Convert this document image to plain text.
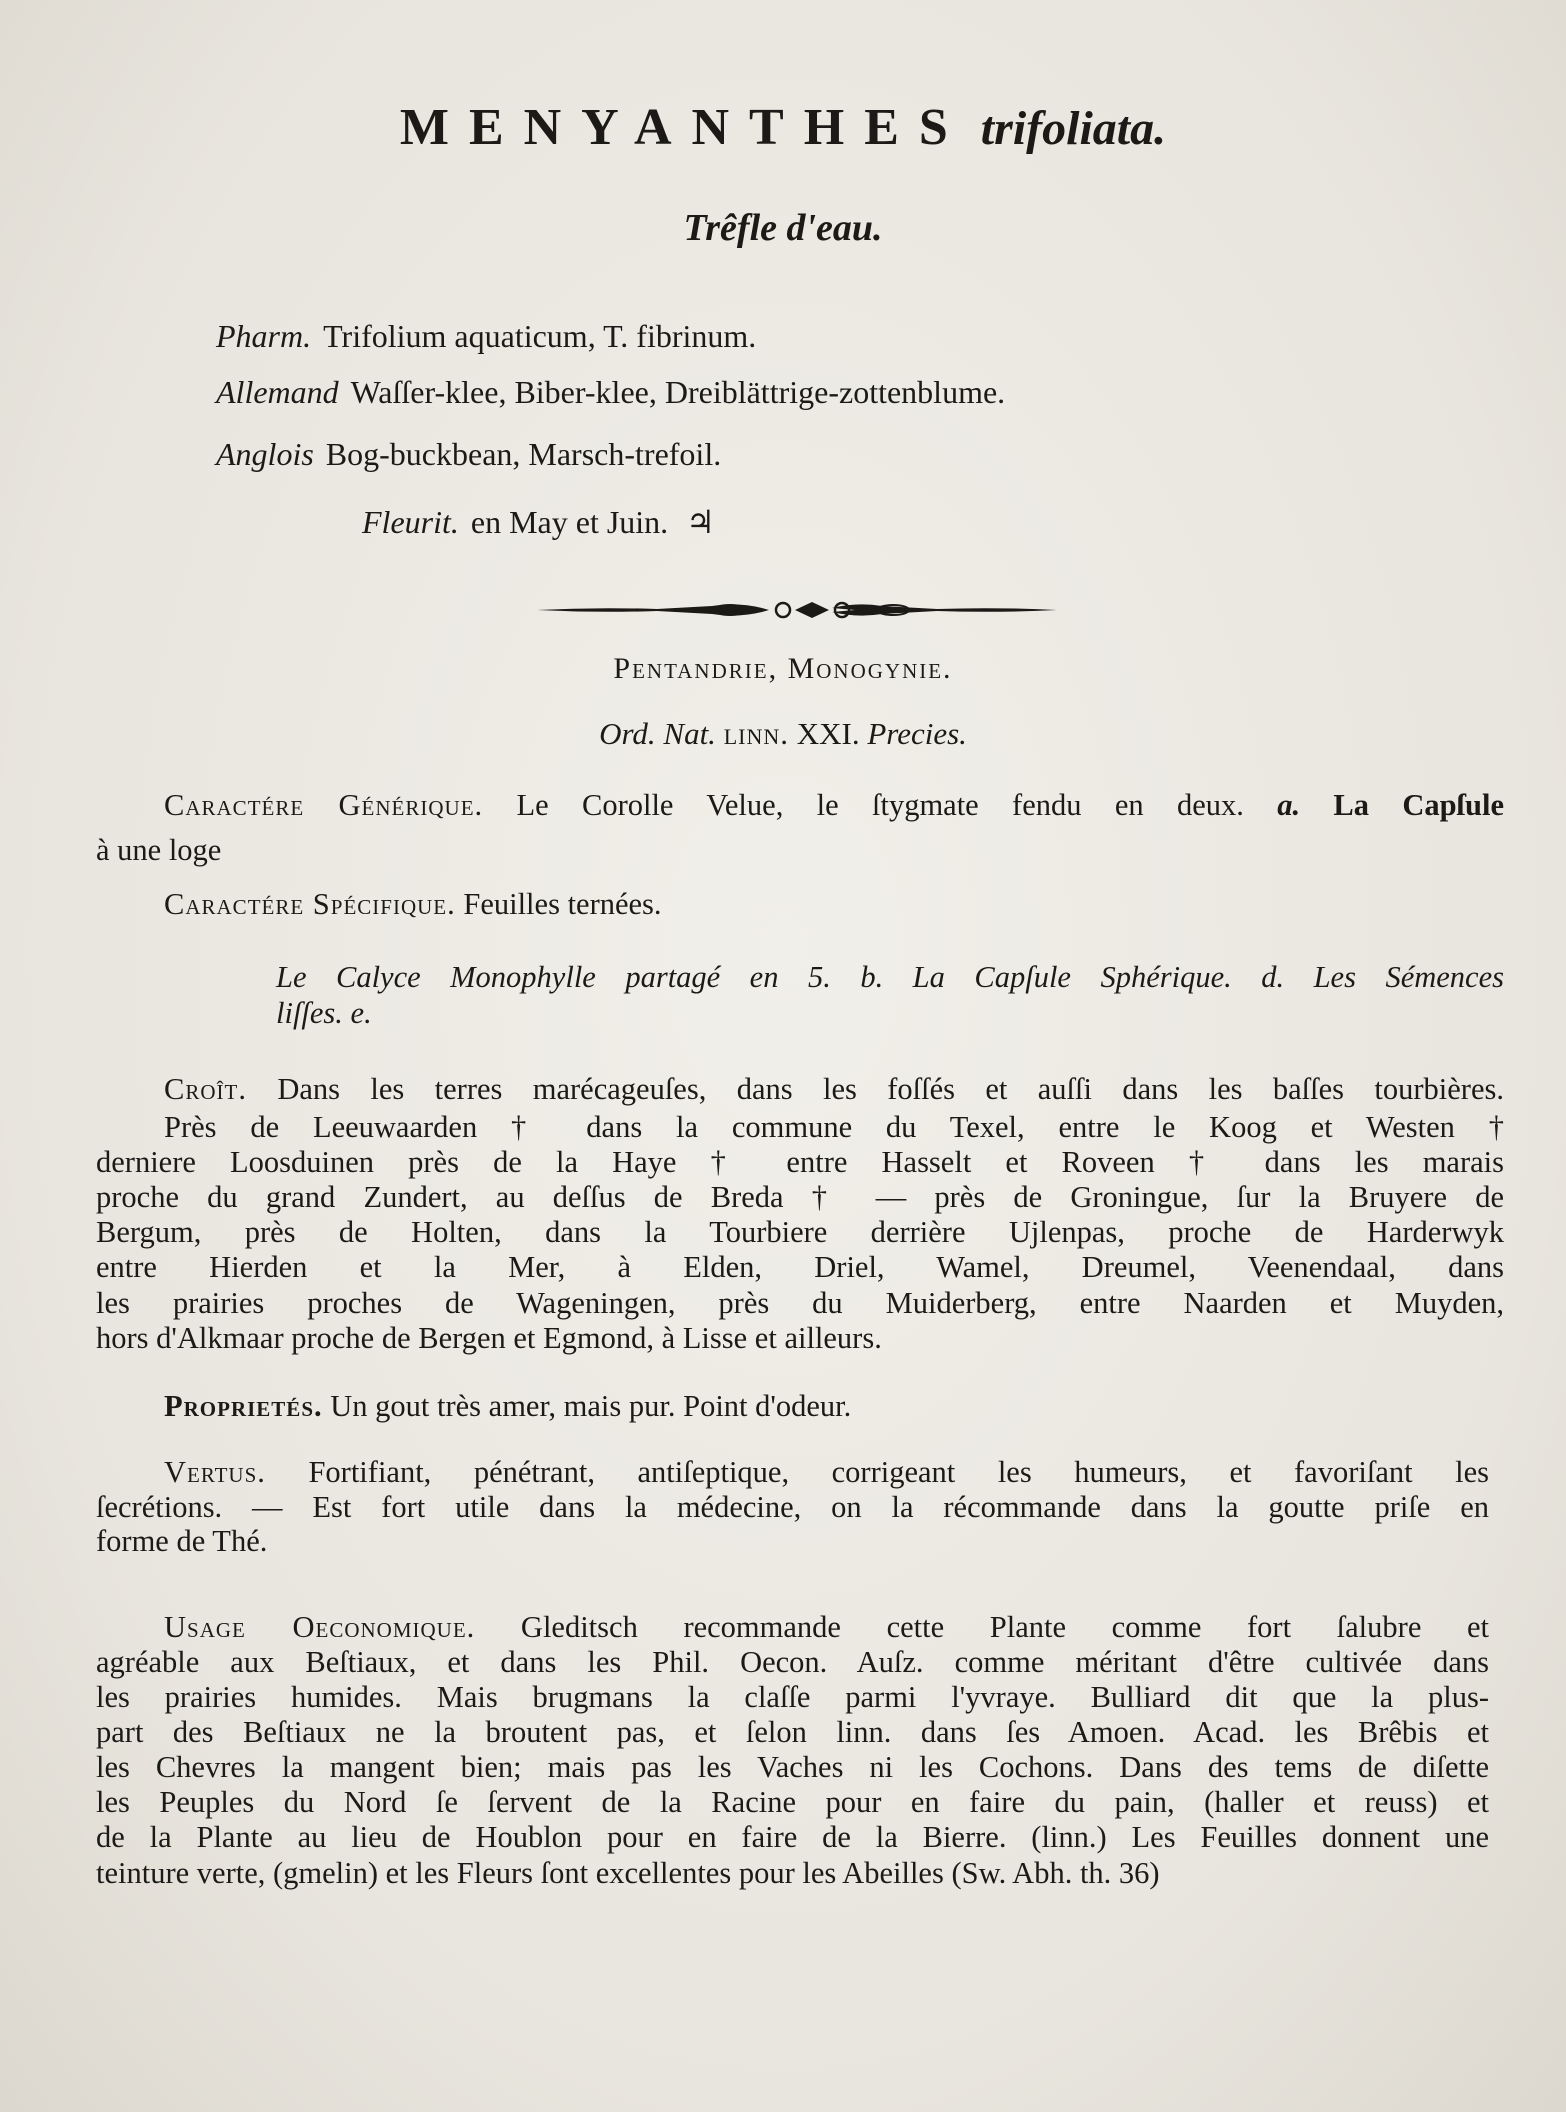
MENYANTHES trifoliata.
Trêfle d'eau.
Pharm. Trifolium aquaticum, T. fibrinum.
Allemand Waſſer-klee, Biber-klee, Dreiblättrige-zottenblume.
Anglois Bog-buckbean, Marsch-trefoil.
Fleurit. en May et Juin. ♃
Pentandrie, Monogynie.
Ord. Nat. linn. XXI. Precies.
Caractére Générique. Le Corolle Velue, le ſtygmate fendu en deux. a. La Capſule
à une loge
Caractére Spécifique. Feuilles ternées.
Le Calyce Monophylle partagé en 5. b. La Capſule Sphérique. d. Les Sémences
liſſes. e.
Croît. Dans les terres marécageuſes, dans les foſſés et auſſi dans les baſſes tourbières.
Près de Leeuwaarden † dans la commune du Texel, entre le Koog et Westen †
derniere Loosduinen près de la Haye † entre Hasselt et Roveen † dans les marais
proche du grand Zundert, au deſſus de Breda † — près de Groningue, ſur la Bruyere de
Bergum, près de Holten, dans la Tourbiere derrière Ujlenpas, proche de Harderwyk
entre Hierden et la Mer, à Elden, Driel, Wamel, Dreumel, Veenendaal, dans
les prairies proches de Wageningen, près du Muiderberg, entre Naarden et Muyden,
hors d'Alkmaar proche de Bergen et Egmond, à Lisse et ailleurs.
Proprietés. Un gout très amer, mais pur. Point d'odeur.
Vertus. Fortifiant, pénétrant, antiſeptique, corrigeant les humeurs, et favoriſant les
ſecrétions. — Est fort utile dans la médecine, on la récommande dans la goutte priſe en
forme de Thé.
Usage Oeconomique. Gleditsch recommande cette Plante comme fort ſalubre et
agréable aux Beſtiaux, et dans les Phil. Oecon. Auſz. comme méritant d'être cultivée dans
les prairies humides. Mais brugmans la claſſe parmi l'yvraye. Bulliard dit que la plus-
part des Beſtiaux ne la broutent pas, et ſelon linn. dans ſes Amoen. Acad. les Brêbis et
les Chevres la mangent bien; mais pas les Vaches ni les Cochons. Dans des tems de diſette
les Peuples du Nord ſe ſervent de la Racine pour en faire du pain, (haller et reuss) et
de la Plante au lieu de Houblon pour en faire de la Bierre. (linn.) Les Feuilles donnent une
teinture verte, (gmelin) et les Fleurs ſont excellentes pour les Abeilles (Sw. Abh. th. 36)
